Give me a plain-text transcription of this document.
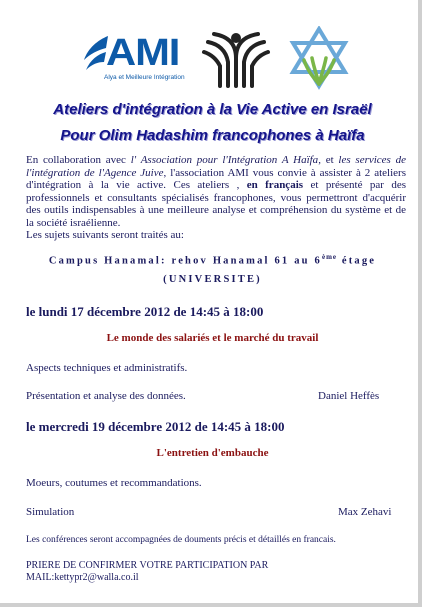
AMI
Alya et Meilleure Intégration
Ateliers d'intégration à la Vie Active en Israël
Pour Olim Hadashim francophones à Haïfa
En collaboration avec l' Association pour l'Intégration A Haïfa, et les services de l'intégration de l'Agence Juive, l'association AMI vous convie à assister à 2 ateliers d'intégration à la vie active. Ces ateliers , en français et présenté par des professionnels et consultants spécialisés francophones, vous permettront d'acquérir des outils indispensables à une meilleure analyse et compréhension du système et de la société israélienne.
Les sujets suivants seront traités au:
Campus Hanamal: rehov Hanamal 61 au 6ème étage
(UNIVERSITE)
le lundi 17 décembre 2012 de 14:45 à 18:00
Le monde des salariés et le marché du travail
Aspects techniques et administratifs.
Présentation et analyse des données.	Daniel Heffès
le mercredi 19 décembre 2012 de 14:45 à 18:00
L'entretien d'embauche
Moeurs, coutumes et recommandations.
Simulation	Max Zehavi
Les conférences seront accompagnées de douments précis et détaillés en francais.
PRIERE DE CONFIRMER VOTRE PARTICIPATION PAR
MAIL:kettypr2@walla.co.il
